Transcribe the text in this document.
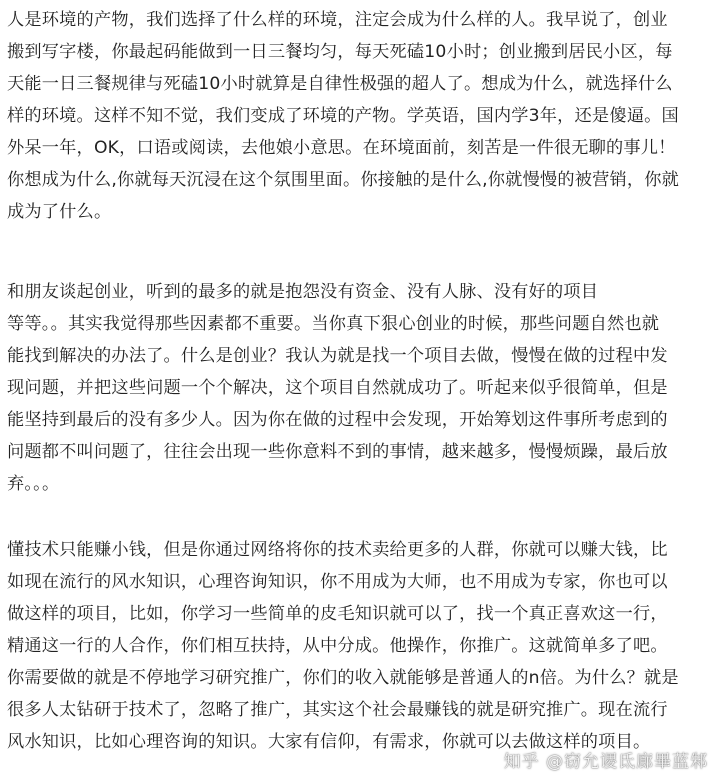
人是环境的产物，我们选择了什么样的环境，注定会成为什么样的人。我早说了，创业
搬到写字楼，你最起码能做到一日三餐均匀，每天死磕10小时；创业搬到居民小区，每
天能一日三餐规律与死磕10小时就算是自律性极强的超人了。想成为什么，就选择什么
样的环境。这样不知不觉，我们变成了环境的产物。学英语，国内学3年，还是傻逼。国
外呆一年，OK，口语或阅读，去他娘小意思。在环境面前，刻苦是一件很无聊的事儿！
你想成为什么,你就每天沉浸在这个氛围里面。你接触的是什么,你就慢慢的被营销，你就
成为了什么。

和朋友谈起创业，听到的最多的就是抱怨没有资金、没有人脉、没有好的项目
等等。。其实我觉得那些因素都不重要。当你真下狠心创业的时候，那些问题自然也就
能找到解决的办法了。什么是创业？我认为就是找一个项目去做，慢慢在做的过程中发
现问题，并把这些问题一个个解决，这个项目自然就成功了。听起来似乎很简单，但是
能坚持到最后的没有多少人。因为你在做的过程中会发现，开始筹划这件事所考虑到的
问题都不叫问题了，往往会出现一些你意料不到的事情，越来越多，慢慢烦躁，最后放
弃。。。

懂技术只能赚小钱，但是你通过网络将你的技术卖给更多的人群，你就可以赚大钱，比
如现在流行的风水知识，心理咨询知识，你不用成为大师，也不用成为专家，你也可以
做这样的项目，比如，你学习一些简单的皮毛知识就可以了，找一个真正喜欢这一行，
精通这一行的人合作，你们相互扶持，从中分成。他操作，你推广。这就简单多了吧。
你需要做的就是不停地学习研究推广，你们的收入就能够是普通人的n倍。为什么？就是
很多人太钻研于技术了，忽略了推广，其实这个社会最赚钱的就是研究推广。现在流行
风水知识，比如心理咨询的知识。大家有信仰，有需求，你就可以去做这样的项目。

知乎 @窃允谡氐廊畢蓝邾
